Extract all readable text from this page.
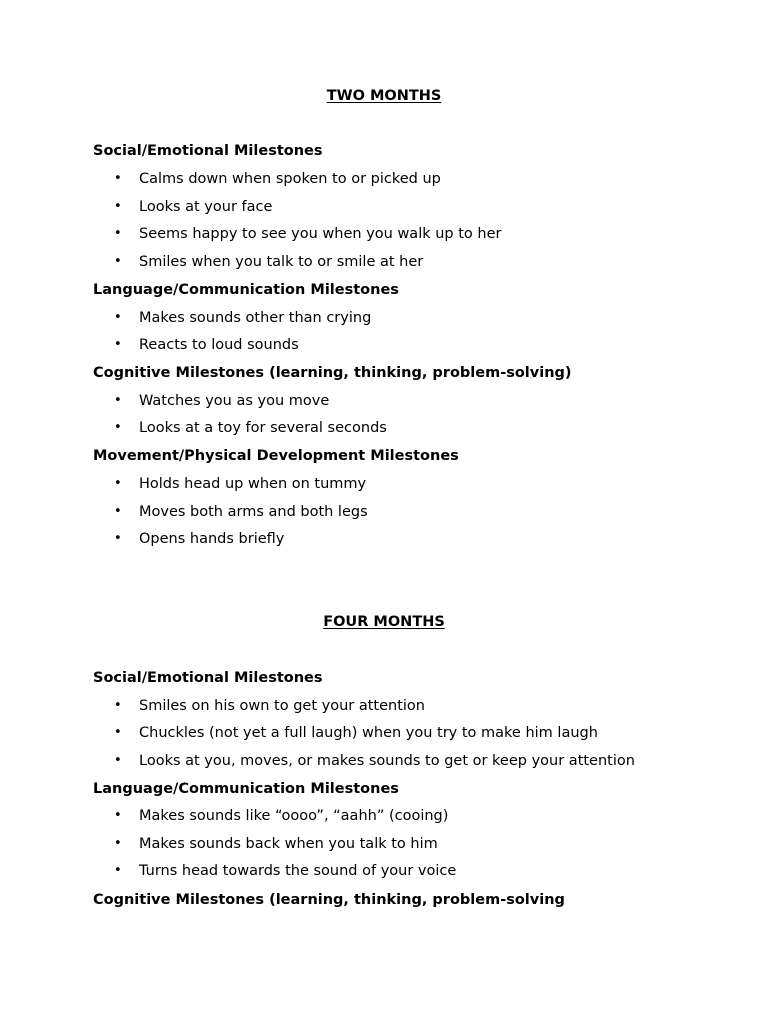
TWO MONTHS
Social/Emotional Milestones
• Calms down when spoken to or picked up
• Looks at your face
• Seems happy to see you when you walk up to her
• Smiles when you talk to or smile at her
Language/Communication Milestones
• Makes sounds other than crying
• Reacts to loud sounds
Cognitive Milestones (learning, thinking, problem-solving)
• Watches you as you move
• Looks at a toy for several seconds
Movement/Physical Development Milestones
• Holds head up when on tummy
• Moves both arms and both legs
• Opens hands briefly
FOUR MONTHS
Social/Emotional Milestones
• Smiles on his own to get your attention
• Chuckles (not yet a full laugh) when you try to make him laugh
• Looks at you, moves, or makes sounds to get or keep your attention
Language/Communication Milestones
• Makes sounds like “oooo”, “aahh” (cooing)
• Makes sounds back when you talk to him
• Turns head towards the sound of your voice
Cognitive Milestones (learning, thinking, problem-solving
